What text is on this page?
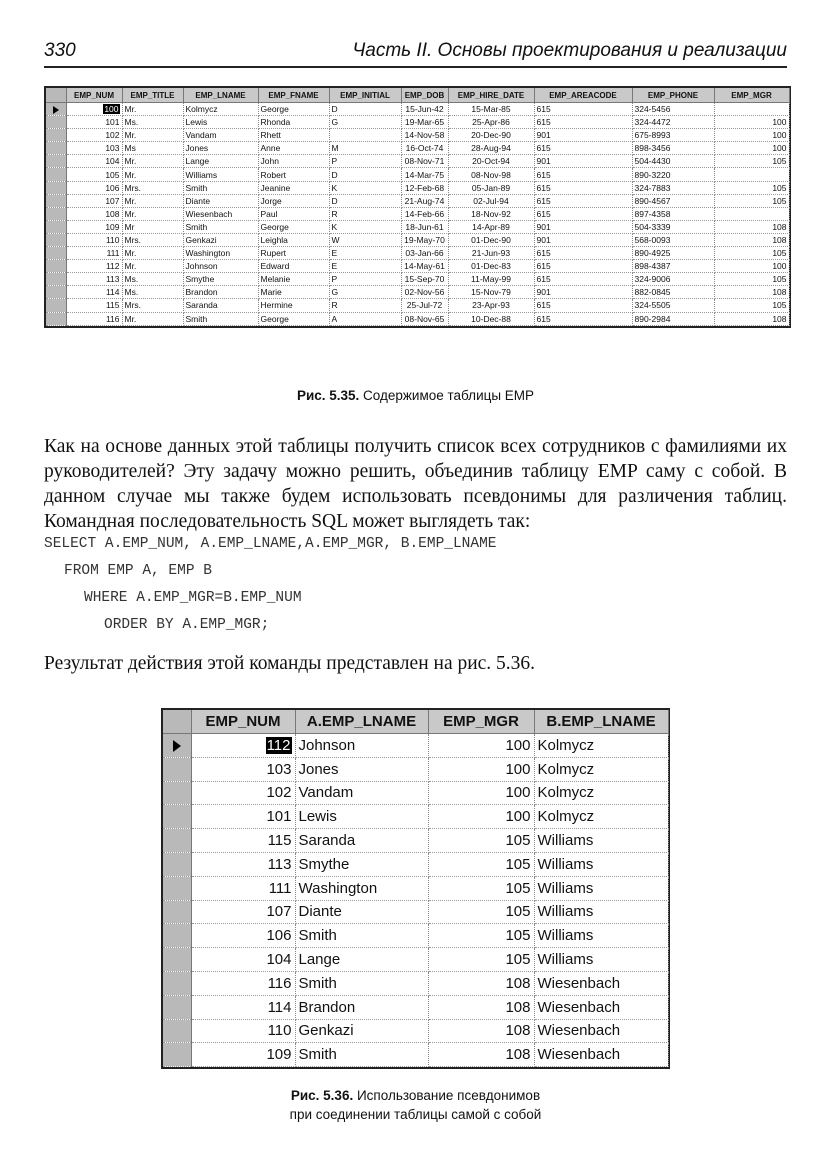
330	Часть II. Основы проектирования и реализации
	EMP_NUM	EMP_TITLE	EMP_LNAME	EMP_FNAME	EMP_INITIAL	EMP_DOB	EMP_HIRE_DATE	EMP_AREACODE	EMP_PHONE	EMP_MGR
	100	Mr.	Kolmycz	George	D	15-Jun-42	15-Mar-85	615	324-5456	
	101	Ms.	Lewis	Rhonda	G	19-Mar-65	25-Apr-86	615	324-4472	100
	102	Mr.	Vandam	Rhett		14-Nov-58	20-Dec-90	901	675-8993	100
	103	Ms	Jones	Anne	M	16-Oct-74	28-Aug-94	615	898-3456	100
	104	Mr.	Lange	John	P	08-Nov-71	20-Oct-94	901	504-4430	105
	105	Mr.	Williams	Robert	D	14-Mar-75	08-Nov-98	615	890-3220	
	106	Mrs.	Smith	Jeanine	K	12-Feb-68	05-Jan-89	615	324-7883	105
	107	Mr.	Diante	Jorge	D	21-Aug-74	02-Jul-94	615	890-4567	105
	108	Mr.	Wiesenbach	Paul	R	14-Feb-66	18-Nov-92	615	897-4358	
	109	Mr	Smith	George	K	18-Jun-61	14-Apr-89	901	504-3339	108
	110	Mrs.	Genkazi	Leighla	W	19-May-70	01-Dec-90	901	568-0093	108
	111	Mr.	Washington	Rupert	E	03-Jan-66	21-Jun-93	615	890-4925	105
	112	Mr.	Johnson	Edward	E	14-May-61	01-Dec-83	615	898-4387	100
	113	Ms.	Smythe	Melanie	P	15-Sep-70	11-May-99	615	324-9006	105
	114	Ms.	Brandon	Marie	G	02-Nov-56	15-Nov-79	901	882-0845	108
	115	Mrs.	Saranda	Hermine	R	25-Jul-72	23-Apr-93	615	324-5505	105
	116	Mr.	Smith	George	A	08-Nov-65	10-Dec-88	615	890-2984	108
Рис. 5.35. Содержимое таблицы EMP
Как на основе данных этой таблицы получить список всех сотрудников с фамилиями их руководителей? Эту задачу можно решить, объединив таблицу EMP саму с собой. В данном случае мы также будем использовать псевдонимы для различения таблиц. Командная последовательность SQL может выглядеть так:
SELECT A.EMP_NUM, A.EMP_LNAME,A.EMP_MGR, B.EMP_LNAME
FROM EMP A, EMP B
WHERE A.EMP_MGR=B.EMP_NUM
ORDER BY A.EMP_MGR;
Результат действия этой команды представлен на рис. 5.36.
	EMP_NUM	A.EMP_LNAME	EMP_MGR	B.EMP_LNAME
	112	Johnson	100	Kolmycz
	103	Jones	100	Kolmycz
	102	Vandam	100	Kolmycz
	101	Lewis	100	Kolmycz
	115	Saranda	105	Williams
	113	Smythe	105	Williams
	111	Washington	105	Williams
	107	Diante	105	Williams
	106	Smith	105	Williams
	104	Lange	105	Williams
	116	Smith	108	Wiesenbach
	114	Brandon	108	Wiesenbach
	110	Genkazi	108	Wiesenbach
	109	Smith	108	Wiesenbach
Рис. 5.36. Использование псевдонимов
при соединении таблицы самой с собой
